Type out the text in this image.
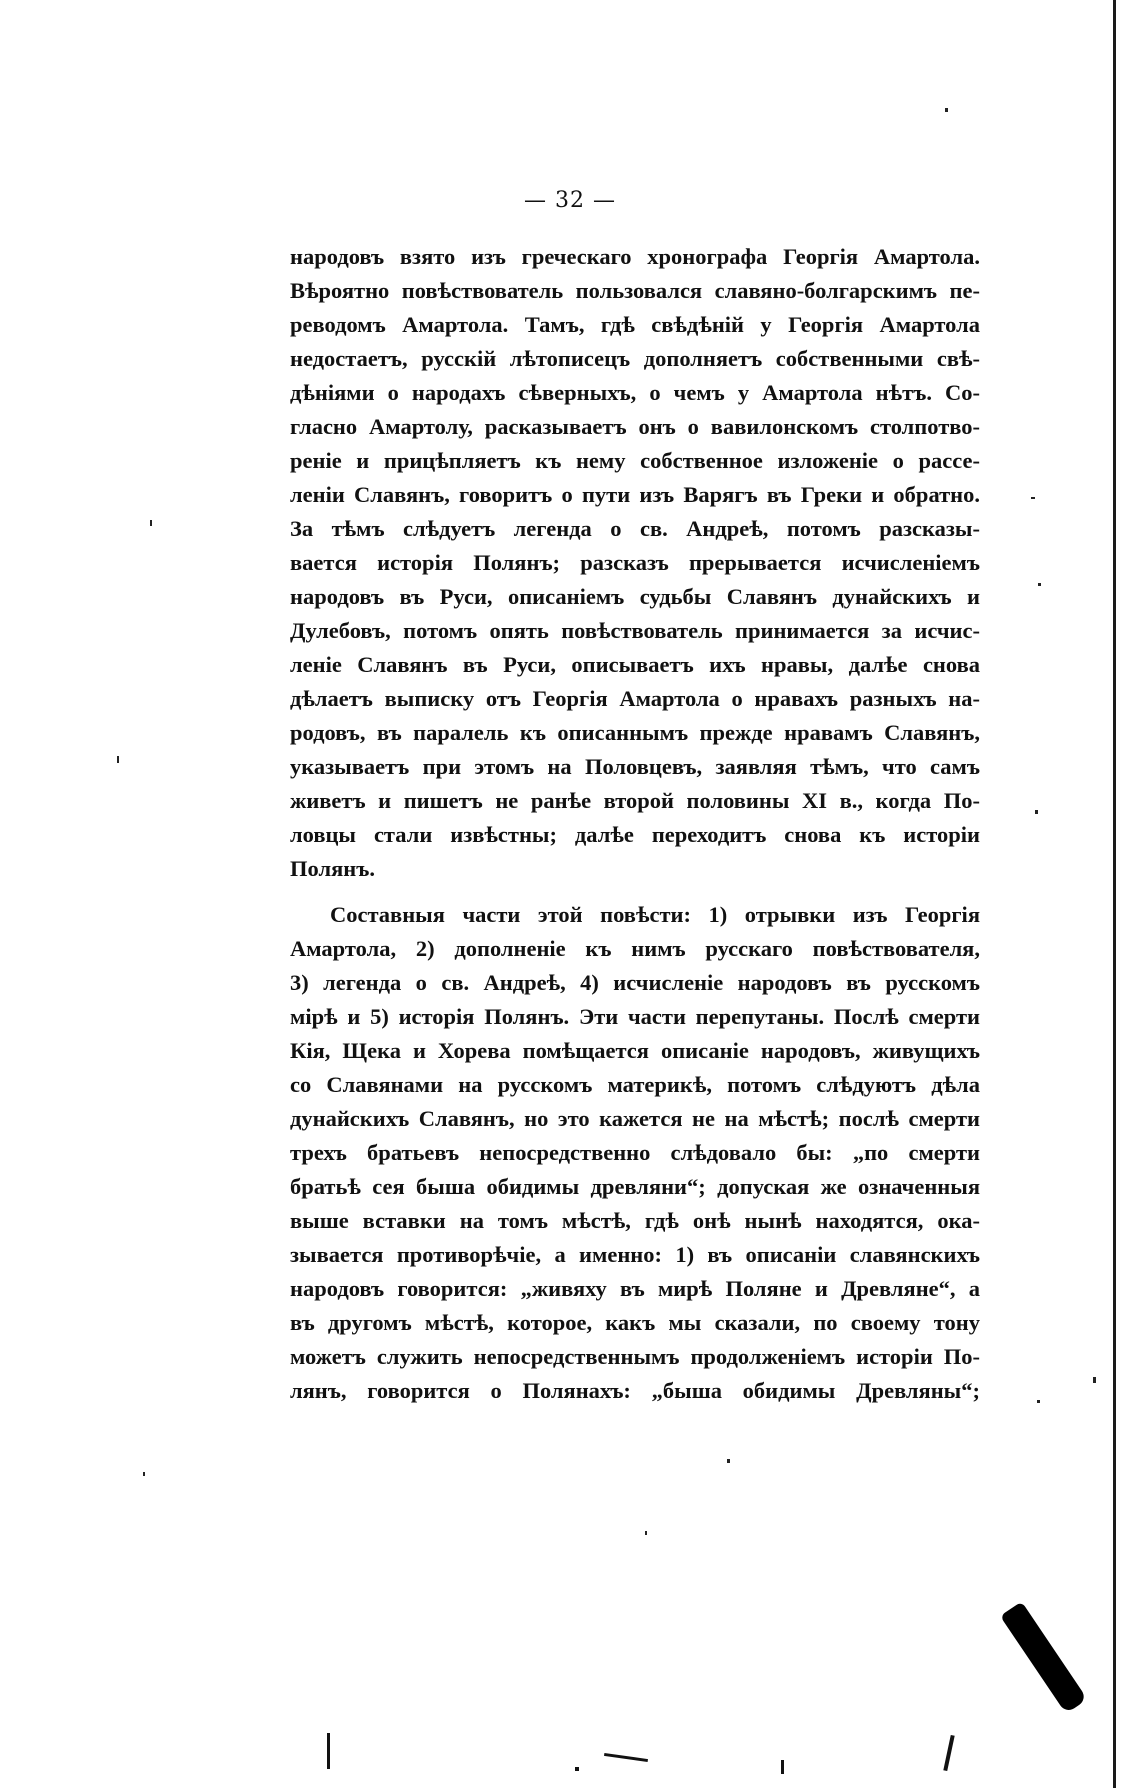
— 32 —
народовъ взято изъ греческаго хронографа Георгія Амартола.
Вѣроятно повѣствователь пользовался славяно-болгарскимъ пе-
реводомъ Амартола. Тамъ, гдѣ свѣдѣній у Георгія Амартола
недостаетъ, русскій лѣтописецъ дополняетъ собственными свѣ-
дѣніями о народахъ сѣверныхъ, о чемъ у Амартола нѣтъ. Со-
гласно Амартолу, расказываетъ онъ о вавилонскомъ столпотво-
реніе и прицѣпляетъ къ нему собственное изложеніе о рассе-
леніи Славянъ, говоритъ о пути изъ Варягъ въ Греки и обратно.
За тѣмъ слѣдуетъ легенда о св. Андреѣ, потомъ разсказы-
вается исторія Полянъ; разсказъ прерывается исчисленіемъ
народовъ въ Руси, описаніемъ судьбы Славянъ дунайскихъ и
Дулебовъ, потомъ опять повѣствователь принимается за исчис-
леніе Славянъ въ Руси, описываетъ ихъ нравы, далѣе снова
дѣлаетъ выписку отъ Георгія Амартола о нравахъ разныхъ на-
родовъ, въ паралель къ описаннымъ прежде нравамъ Славянъ,
указываетъ при этомъ на Половцевъ, заявляя тѣмъ, что самъ
живетъ и пишетъ не ранѣе второй половины XI в., когда По-
ловцы стали извѣстны; далѣе переходитъ снова къ исторіи
Полянъ.
Составныя части этой повѣсти: 1) отрывки изъ Георгія
Амартола, 2) дополненіе къ нимъ русскаго повѣствователя,
3) легенда о св. Андреѣ, 4) исчисленіе народовъ въ русскомъ
мірѣ и 5) исторія Полянъ. Эти части перепутаны. Послѣ смерти
Кія, Щека и Хорева помѣщается описаніе народовъ, живущихъ
со Славянами на русскомъ материкѣ, потомъ слѣдуютъ дѣла
дунайскихъ Славянъ, но это кажется не на мѣстѣ; послѣ смерти
трехъ братьевъ непосредственно слѣдовало бы: „по смерти
братьѣ сея быша обидимы древляни“; допуская же означенныя
выше вставки на томъ мѣстѣ, гдѣ онѣ нынѣ находятся, ока-
зывается противорѣчіе, а именно: 1) въ описаніи славянскихъ
народовъ говорится: „живяху въ мирѣ Поляне и Древляне“, а
въ другомъ мѣстѣ, которое, какъ мы сказали, по своему тону
можетъ служить непосредственнымъ продолженіемъ исторіи По-
лянъ, говорится о Полянахъ: „быша обидимы Древляны“;
